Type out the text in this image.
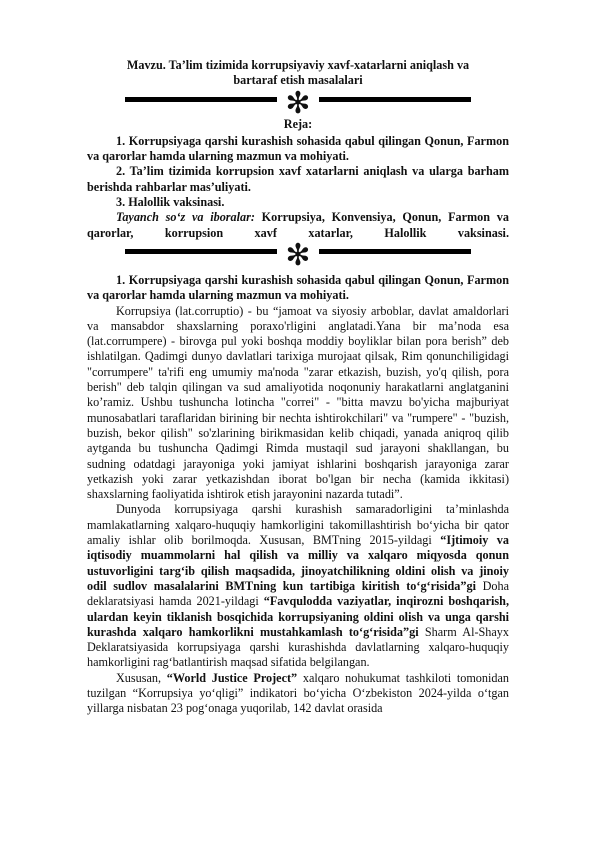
Mavzu. Ta’lim tizimida korrupsiyaviy xavf-xatarlarni aniqlash va bartaraf etish masalalari
✻
Reja:

1. Korrupsiyaga qarshi kurashish sohasida qabul qilingan Qonun, Farmon va qarorlar hamda ularning mazmun va mohiyati.

2. Ta’lim tizimida korrupsion xavf xatarlarni aniqlash va ularga barham berishda rahbarlar mas’uliyati.

3. Halollik vaksinasi.

Tayanch so‘z va iboralar: Korrupsiya, Konvensiya, Qonun, Farmon va qarorlar, korrupsion xavf xatarlar, Halollik vaksinasi.

✻

1. Korrupsiyaga qarshi kurashish sohasida qabul qilingan Qonun, Farmon va qarorlar hamda ularning mazmun va mohiyati.

Korrupsiya (lat.corruptio) - bu “jamoat va siyosiy arboblar, davlat amaldorlari va mansabdor shaxslarning poraxo'rligini anglatadi.Yana bir ma’noda esa (lat.corrumpere) - birovga pul yoki boshqa moddiy boyliklar bilan pora berish” deb ishlatilgan. Qadimgi dunyo davlatlari tarixiga murojaat qilsak, Rim qonunchiligidagi "corrumpere" ta'rifi eng umumiy ma'noda "zarar etkazish, buzish, yo'q qilish, pora berish" deb talqin qilingan va sud amaliyotida noqonuniy harakatlarni anglatganini ko’ramiz. Ushbu tushuncha lotincha "correi" - "bitta mavzu bo'yicha majburiyat munosabatlari taraflaridan birining bir nechta ishtirokchilari" va "rumpere" - "buzish, buzish, bekor qilish" so'zlarining birikmasidan kelib chiqadi, yanada aniqroq qilib aytganda bu tushuncha Qadimgi Rimda mustaqil sud jarayoni shakllangan, bu sudning odatdagi jarayoniga yoki jamiyat ishlarini boshqarish jarayoniga zarar yetkazish yoki zarar yetkazishdan iborat bo'lgan bir necha (kamida ikkitasi) shaxslarning faoliyatida ishtirok etish jarayonini nazarda tutadi”.

Dunyoda korrupsiyaga qarshi kurashish samaradorligini ta’minlashda mamlakatlarning xalqaro-huquqiy hamkorligini takomillashtirish bo‘yicha bir qator amaliy ishlar olib borilmoqda. Xususan, BMTning 2015-yildagi “Ijtimoiy va iqtisodiy muammolarni hal qilish va milliy va xalqaro miqyosda qonun ustuvorligini targ‘ib qilish maqsadida, jinoyatchilikning oldini olish va jinoiy odil sudlov masalalarini BMTning kun tartibiga kiritish to‘g‘risida”gi Doha deklaratsiyasi hamda 2021-yildagi “Favqulodda vaziyatlar, inqirozni boshqarish, ulardan keyin tiklanish bosqichida korrupsiyaning oldini olish va unga qarshi kurashda xalqaro hamkorlikni mustahkamlash to‘g‘risida”gi Sharm Al-Shayx Deklaratsiyasida korrupsiyaga qarshi kurashishda davlatlarning xalqaro-huquqiy hamkorligini rag‘batlantirish maqsad sifatida belgilangan.

Xususan, “World Justice Project” xalqaro nohukumat tashkiloti tomonidan tuzilgan “Korrupsiya yo‘qligi” indikatori bo‘yicha O‘zbekiston 2024-yilda o‘tgan yillarga nisbatan 23 pog‘onaga yuqorilab, 142 davlat orasida
